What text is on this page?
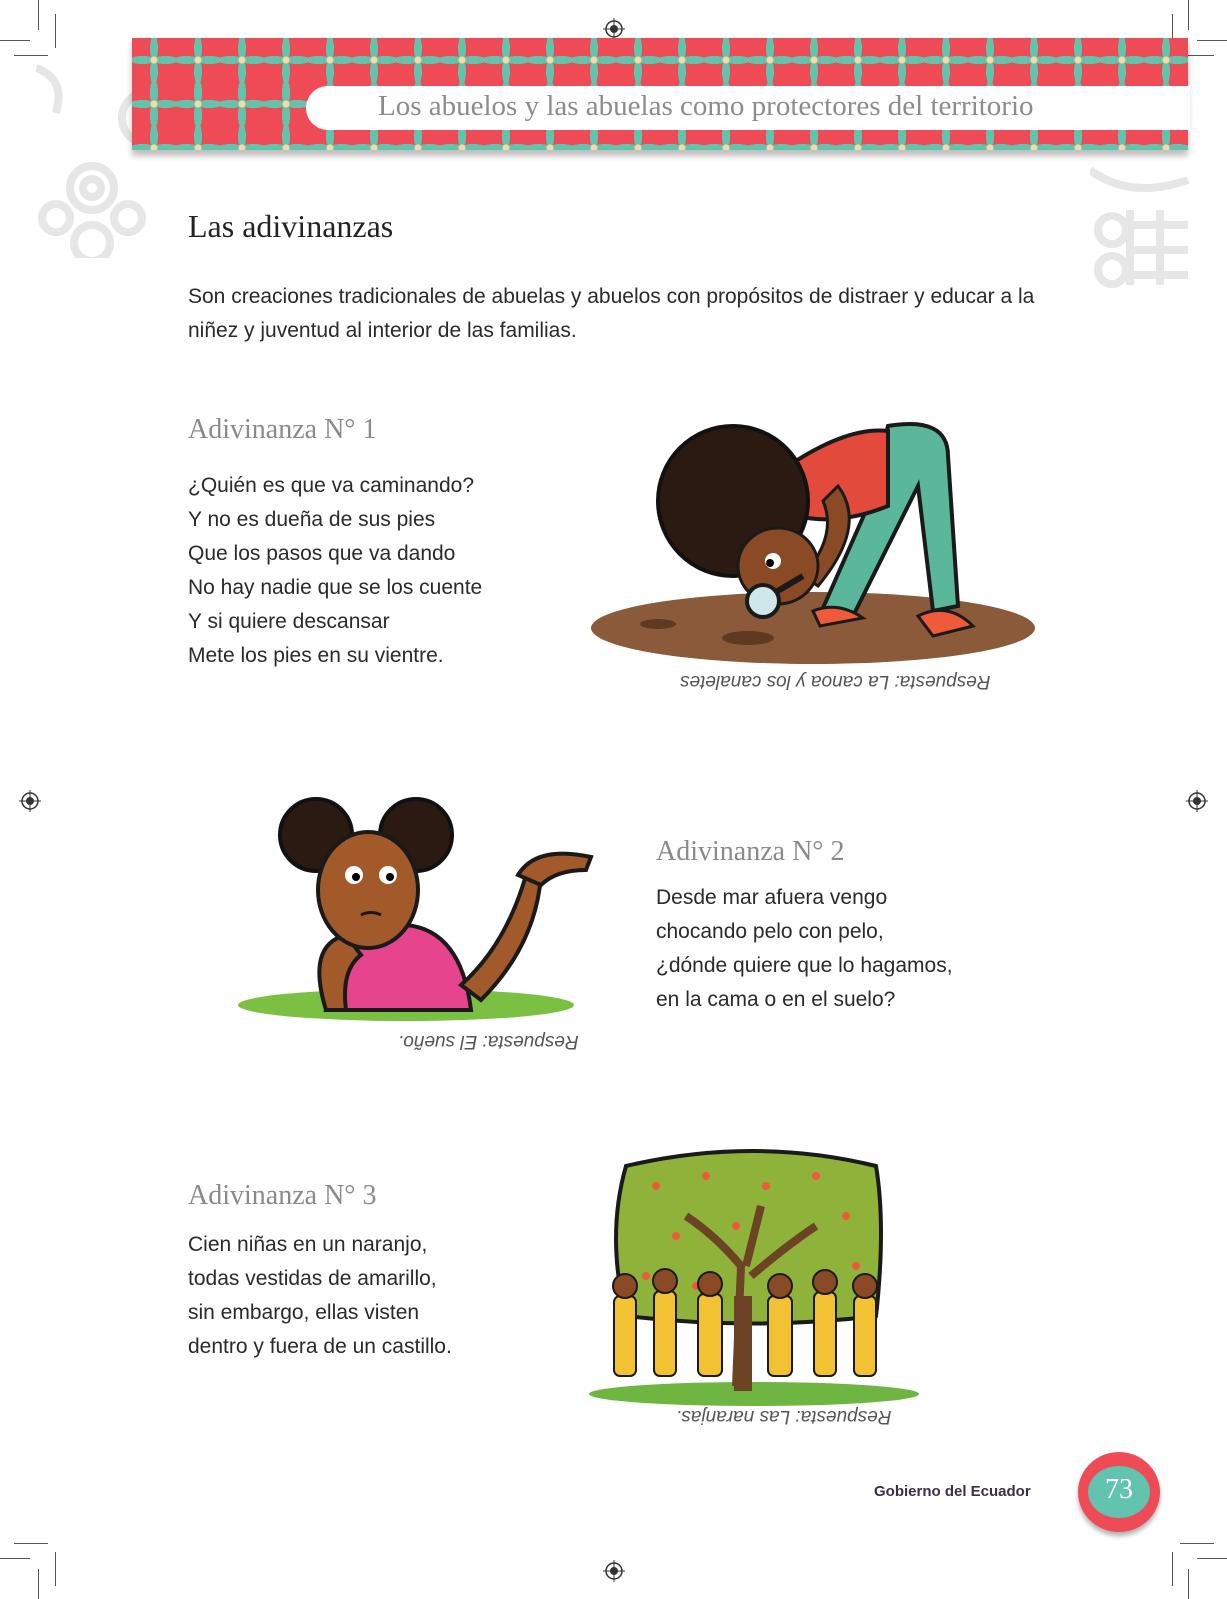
Los abuelos y las abuelas como protectores del territorio
Las adivinanzas
Son creaciones tradicionales de abuelas y abuelos con propósitos de distraer y educar a la niñez y juventud al interior de las familias.
Adivinanza N° 1
¿Quién es que va caminando?
Y no es dueña de sus pies
Que los pasos que va dando
No hay nadie que se los cuente
Y si quiere descansar
Mete los pies en su vientre.
Respuesta: La canoa y los canaletes
Respuesta: El sueño.
Adivinanza N° 2
Desde mar afuera vengo
chocando pelo con pelo,
¿dónde quiere que lo hagamos,
en la cama o en el suelo?
Adivinanza N° 3
Cien niñas en un naranjo,
todas vestidas de amarillo,
sin embargo, ellas visten
dentro y fuera de un castillo.
Respuesta: Las naranjas.
Gobierno del Ecuador	73
